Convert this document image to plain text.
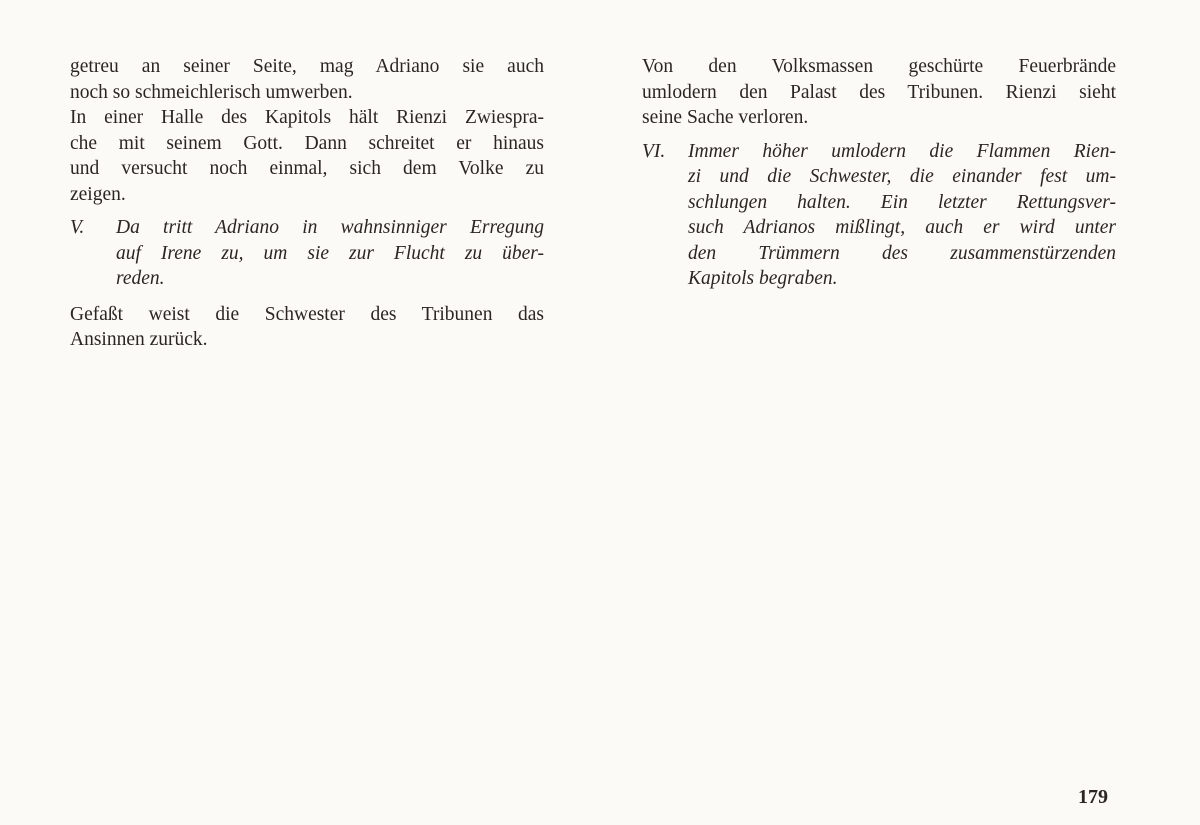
getreu an seiner Seite, mag Adriano sie auch
noch so schmeichlerisch umwerben.
In einer Halle des Kapitols hält Rienzi Zwiespra-
che mit seinem Gott. Dann schreitet er hinaus
und versucht noch einmal, sich dem Volke zu
zeigen.
V. Da tritt Adriano in wahnsinniger Erregung
auf Irene zu, um sie zur Flucht zu über-
reden.
Gefaßt weist die Schwester des Tribunen das
Ansinnen zurück.
Von den Volksmassen geschürte Feuerbrände
umlodern den Palast des Tribunen. Rienzi sieht
seine Sache verloren.
VI. Immer höher umlodern die Flammen Rien-
zi und die Schwester, die einander fest um-
schlungen halten. Ein letzter Rettungsver-
such Adrianos mißlingt, auch er wird unter
den Trümmern des zusammenstürzenden
Kapitols begraben.
179
